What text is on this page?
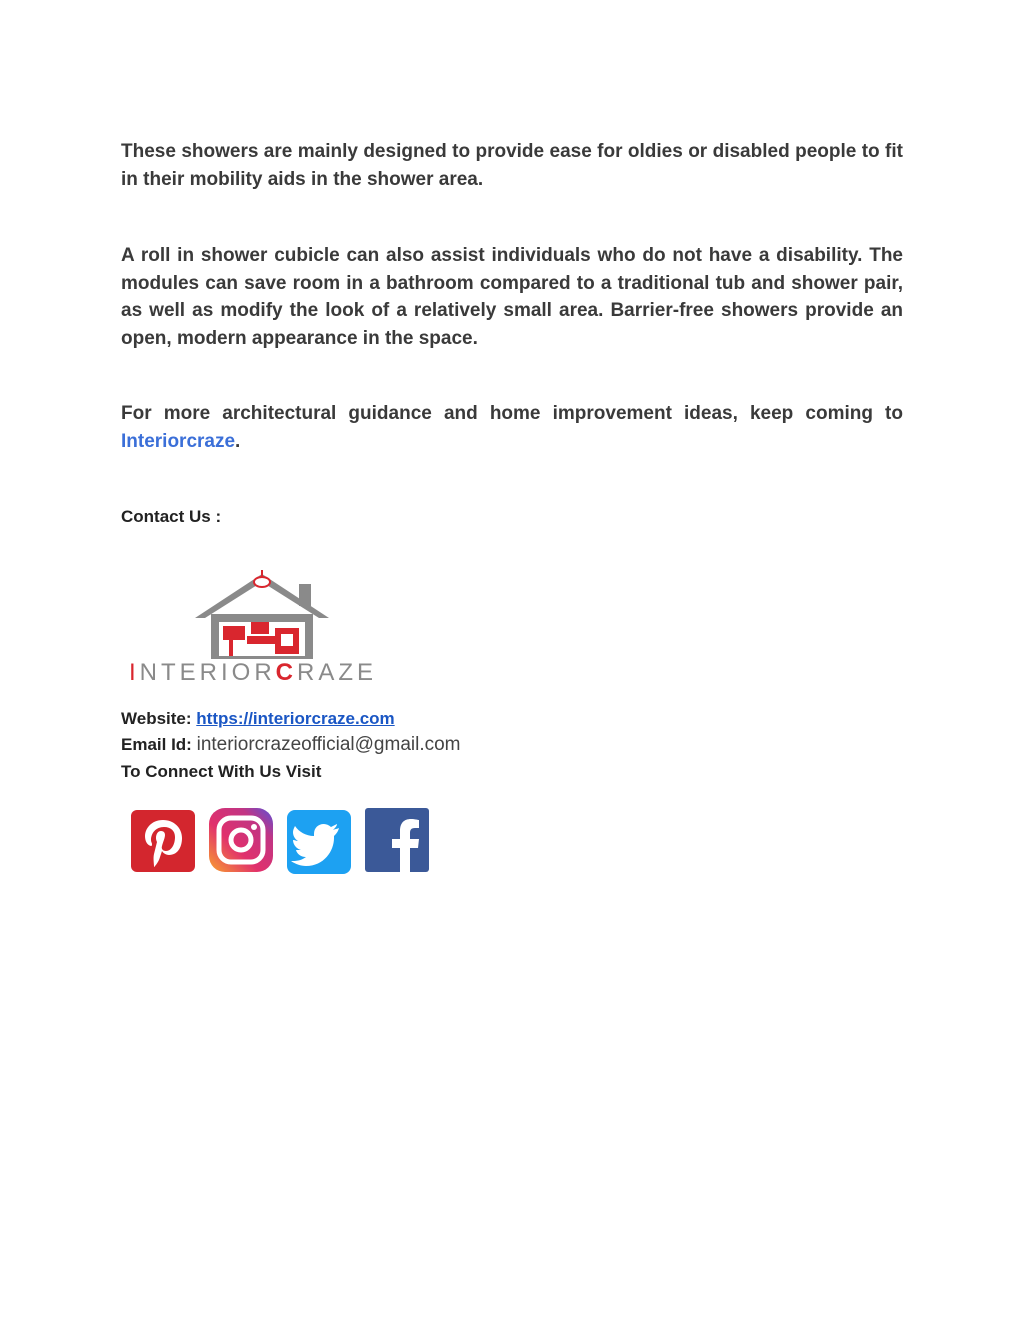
These showers are mainly designed to provide ease for oldies or disabled people to fit in their mobility aids in the shower area.

A roll in shower cubicle can also assist individuals who do not have a disability. The modules can save room in a bathroom compared to a traditional tub and shower pair, as well as modify the look of a relatively small area. Barrier-free showers provide an open, modern appearance in the space.

For more architectural guidance and home improvement ideas, keep coming to Interiorcraze.

Contact Us :
INTERIORCRAZE
Website: https://interiorcraze.com
Email Id: interiorcrazeofficial@gmail.com
To Connect With Us Visit
